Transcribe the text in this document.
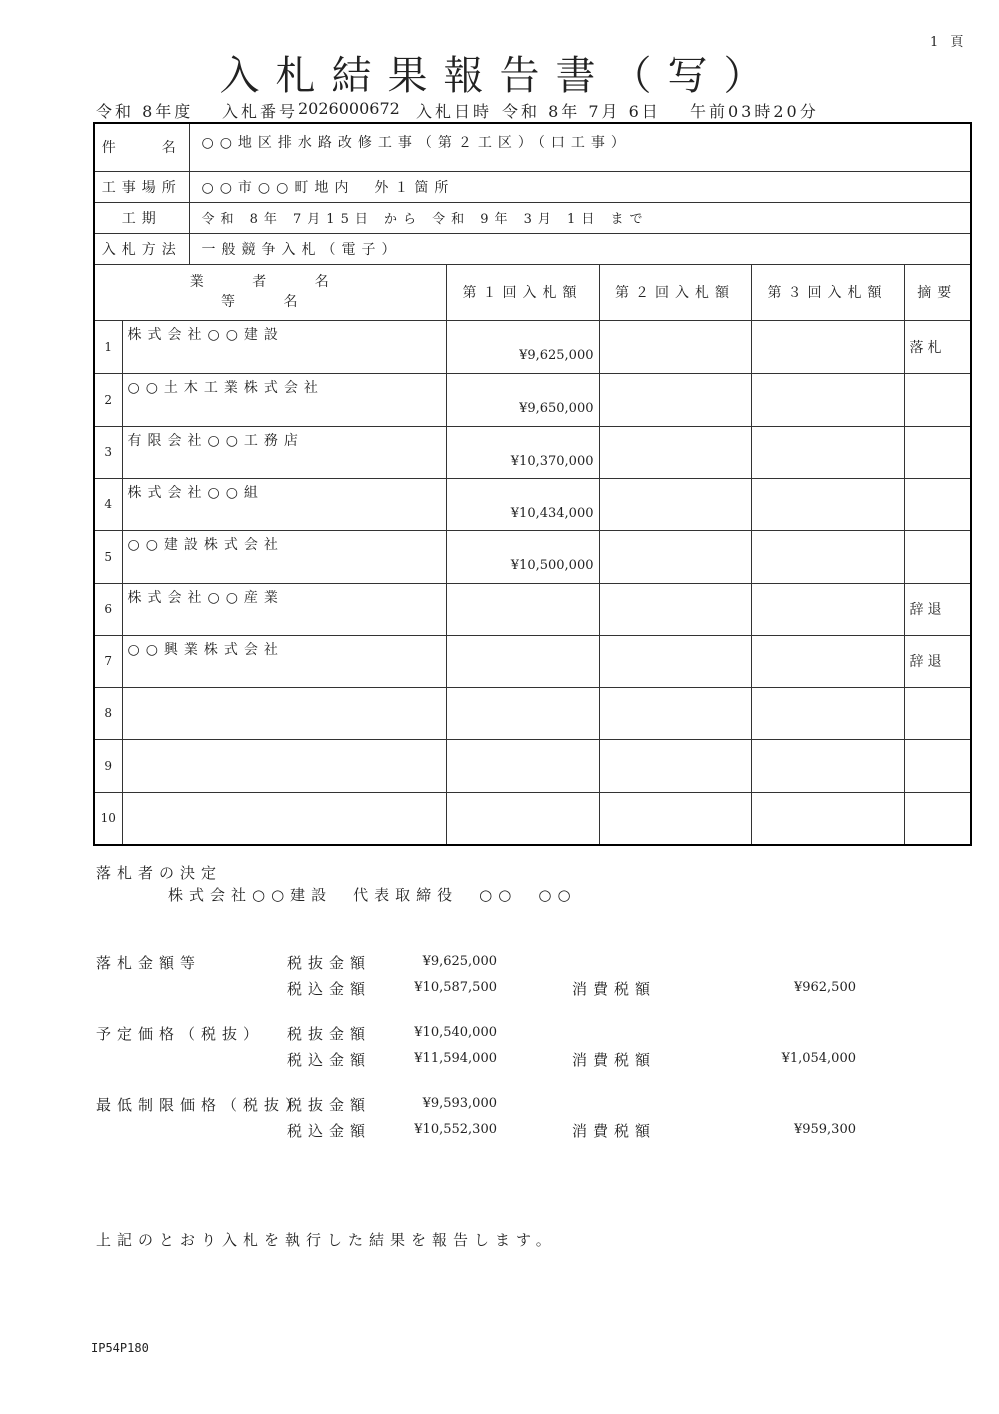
1 頁
入札結果報告書（写）
令和 8年度 入札番号 2026000672 入札日時 令和 8年 7月 6日 午前03時20分
件　　名		○○地区排水路改修工事（第２工区）（口工事）				
工事場所		○○市○○町地内　外１箇所				
工期		令和 8年 7月15日 から 令和 9年 3月 1日 まで				
入札方法		一般競争入札（電子）				

業 者 名
等 名			第１回入札額	第２回入札額	第３回入札額	摘要
1	株式会社○○建設		¥9,625,000			落札
2	○○土木工業株式会社		¥9,650,000			
3	有限会社○○工務店		¥10,370,000			
4	株式会社○○組		¥10,434,000			
5	○○建設株式会社		¥10,500,000			
6	株式会社○○産業					辞退
7	○○興業株式会社					辞退
8						
9						
10						
落札者の決定
株式会社○○建設　代表取締役　○○　○○
落札金額等	税抜金額	¥9,625,000
税込金額	¥10,587,500	消費税額	¥962,500
予定価格（税抜） 税抜金額	¥10,540,000
税込金額	¥11,594,000	消費税額	¥1,054,000
最低制限価格（税抜）
税抜金額	¥9,593,000
税込金額	¥10,552,300	消費税額	¥959,300
上記のとおり入札を執行した結果を報告します。
IP54P180
